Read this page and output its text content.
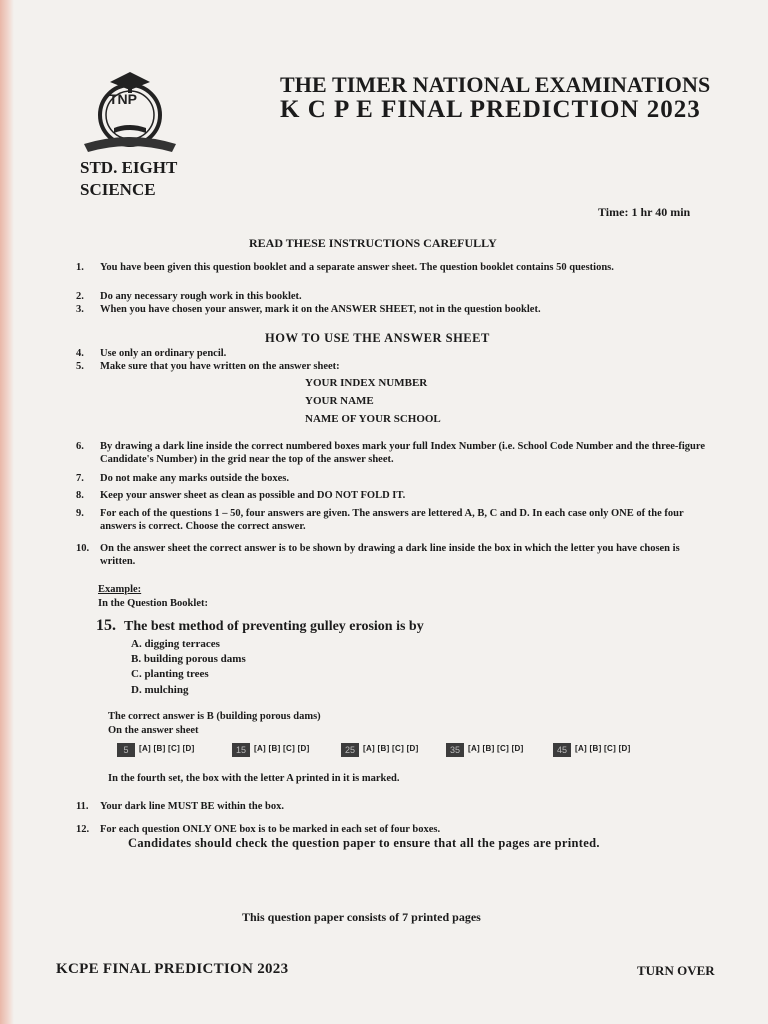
TNP
THE TIMER NATIONAL EXAMINATIONS
K C P E FINAL PREDICTION 2023
STD. EIGHT
SCIENCE
Time: 1 hr 40 min
READ THESE INSTRUCTIONS CAREFULLY
1. You have been given this question booklet and a separate answer sheet. The question booklet contains 50 questions.
2. Do any necessary rough work in this booklet.
3. When you have chosen your answer, mark it on the ANSWER SHEET, not in the question booklet.
HOW TO USE THE ANSWER SHEET
4. Use only an ordinary pencil.
5. Make sure that you have written on the answer sheet:
YOUR INDEX NUMBER
YOUR NAME
NAME OF YOUR SCHOOL
6. By drawing a dark line inside the correct numbered boxes mark your full Index Number (i.e. School Code Number and the three-figure Candidate's Number) in the grid near the top of the answer sheet.
7. Do not make any marks outside the boxes.
8. Keep your answer sheet as clean as possible and DO NOT FOLD IT.
9. For each of the questions 1 – 50, four answers are given. The answers are lettered A, B, C and D. In each case only ONE of the four answers is correct. Choose the correct answer.
10. On the answer sheet the correct answer is to be shown by drawing a dark line inside the box in which the letter you have chosen is written.
Example:
In the Question Booklet:
15. The best method of preventing gulley erosion is by
A. digging terraces
B. building porous dams
C. planting trees
D. mulching
The correct answer is B (building porous dams)
On the answer sheet
5	[A] [B] [C] [D]	15	[A] [B] [C] [D]	25	[A] [B] [C] [D]	35	[A] [B] [C] [D]	45	[A] [B] [C] [D]
In the fourth set, the box with the letter A printed in it is marked.
11. Your dark line MUST BE within the box.
12. For each question ONLY ONE box is to be marked in each set of four boxes.
Candidates should check the question paper to ensure that all the pages are printed.
This question paper consists of 7 printed pages
KCPE FINAL PREDICTION 2023	TURN OVER
